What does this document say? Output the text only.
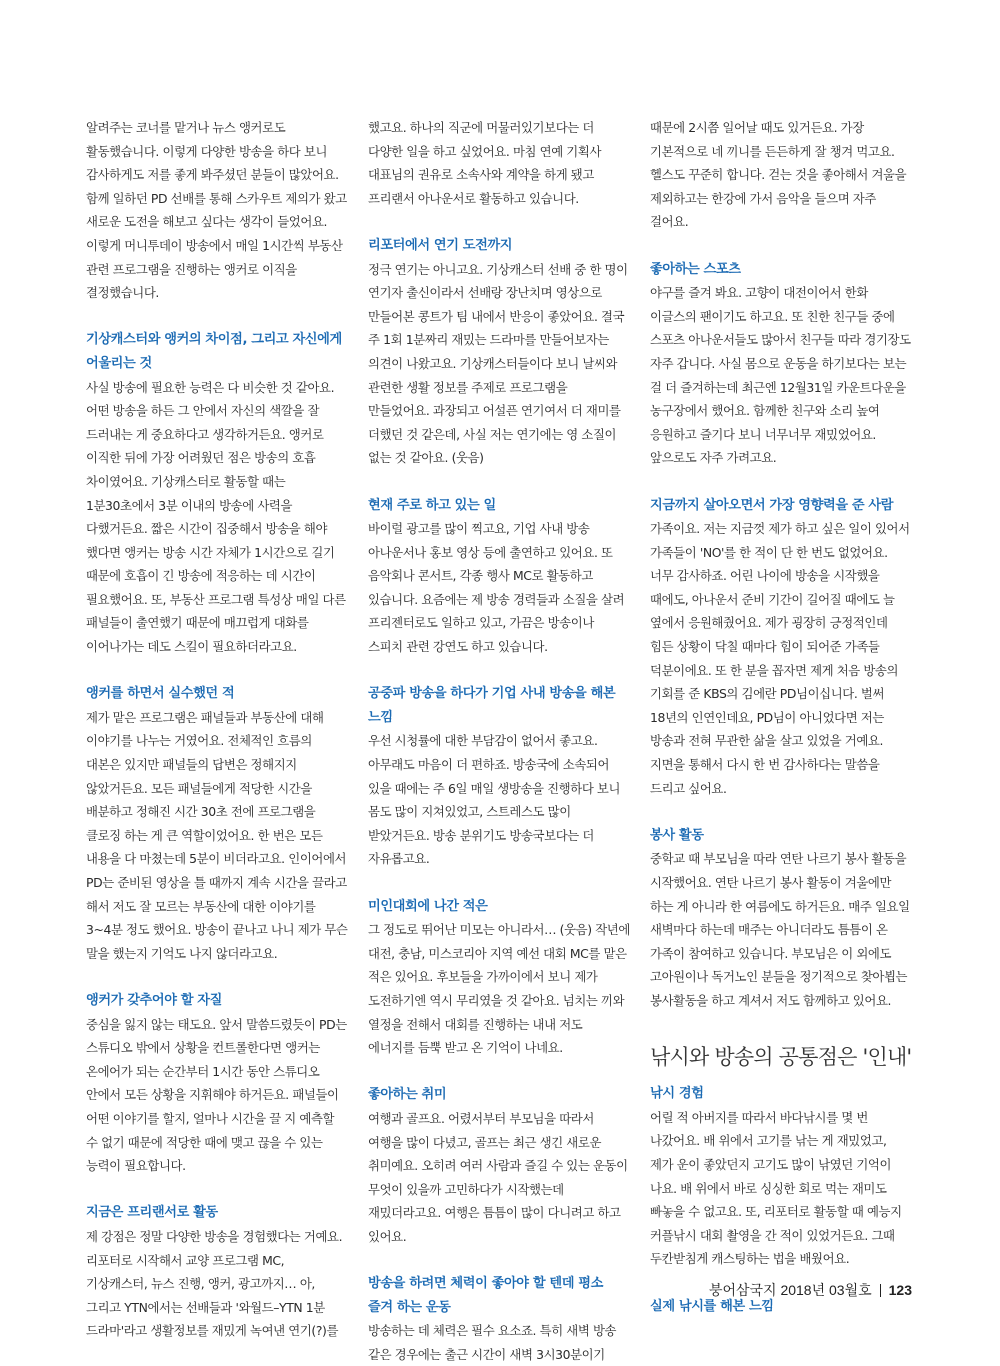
알려주는 코너를 맡거나 뉴스 앵커로도 활동했습니다. 이렇게 다양한 방송을 하다 보니 감사하게도 저를 좋게 봐주셨던 분들이 많았어요. 함께 일하던 PD 선배를 통해 스카우트 제의가 왔고 새로운 도전을 해보고 싶다는 생각이 들었어요. 이렇게 머니투데이 방송에서 매일 1시간씩 부동산 관련 프로그램을 진행하는 앵커로 이직을 결정했습니다.

기상캐스터와 앵커의 차이점, 그리고 자신에게 어울리는 것

사실 방송에 필요한 능력은 다 비슷한 것 같아요. 어떤 방송을 하든 그 안에서 자신의 색깔을 잘 드러내는 게 중요하다고 생각하거든요. 앵커로 이직한 뒤에 가장 어려웠던 점은 방송의 호흡 차이였어요. 기상캐스터로 활동할 때는 1분30초에서 3분 이내의 방송에 사력을 다했거든요. 짧은 시간이 집중해서 방송을 해야 했다면 앵커는 방송 시간 자체가 1시간으로 길기 때문에 호흡이 긴 방송에 적응하는 데 시간이 필요했어요. 또, 부동산 프로그램 특성상 매일 다른 패널들이 출연했기 때문에 매끄럽게 대화를 이어나가는 데도 스킬이 필요하더라고요.

앵커를 하면서 실수했던 적

제가 맡은 프로그램은 패널들과 부동산에 대해 이야기를 나누는 거였어요. 전체적인 흐름의 대본은 있지만 패널들의 답변은 정해지지 않았거든요. 모든 패널들에게 적당한 시간을 배분하고 정해진 시간 30초 전에 프로그램을 클로징 하는 게 큰 역할이었어요. 한 번은 모든 내용을 다 마쳤는데 5분이 비더라고요. 인이어에서 PD는 준비된 영상을 틀 때까지 계속 시간을 끌라고 해서 저도 잘 모르는 부동산에 대한 이야기를 3~4분 정도 했어요. 방송이 끝나고 나니 제가 무슨 말을 했는지 기억도 나지 않더라고요.

앵커가 갖추어야 할 자질

중심을 잃지 않는 태도요. 앞서 말씀드렸듯이 PD는 스튜디오 밖에서 상황을 컨트롤한다면 앵커는 온에어가 되는 순간부터 1시간 동안 스튜디오 안에서 모든 상황을 지휘해야 하거든요. 패널들이 어떤 이야기를 할지, 얼마나 시간을 끌 지 예측할 수 없기 때문에 적당한 때에 맺고 끊을 수 있는 능력이 필요합니다.

지금은 프리랜서로 활동

제 강점은 정말 다양한 방송을 경험했다는 거예요. 리포터로 시작해서 교양 프로그램 MC, 기상캐스터, 뉴스 진행, 앵커, 광고까지… 아, 그리고 YTN에서는 선배들과 '와월드–YTN 1분 드라마'라고 생활정보를 재밌게 녹여낸 연기(?)를

했고요. 하나의 직군에 머물러있기보다는 더 다양한 일을 하고 싶었어요. 마침 연예 기획사 대표님의 권유로 소속사와 계약을 하게 됐고 프리랜서 아나운서로 활동하고 있습니다.

리포터에서 연기 도전까지

정극 연기는 아니고요. 기상캐스터 선배 중 한 명이 연기자 출신이라서 선배랑 장난치며 영상으로 만들어본 콩트가 팀 내에서 반응이 좋았어요. 결국 주 1회 1분짜리 재밌는 드라마를 만들어보자는 의견이 나왔고요. 기상캐스터들이다 보니 날씨와 관련한 생활 정보를 주제로 프로그램을 만들었어요. 과장되고 어설픈 연기여서 더 재미를 더했던 것 같은데, 사실 저는 연기에는 영 소질이 없는 것 같아요. (웃음)

현재 주로 하고 있는 일

바이럴 광고를 많이 찍고요, 기업 사내 방송 아나운서나 홍보 영상 등에 출연하고 있어요. 또 음악회나 콘서트, 각종 행사 MC로 활동하고 있습니다. 요즘에는 제 방송 경력들과 소질을 살려 프리젠터로도 일하고 있고, 가끔은 방송이나 스피치 관련 강연도 하고 있습니다.

공중파 방송을 하다가 기업 사내 방송을 해본 느낌

우선 시청률에 대한 부담감이 없어서 좋고요. 아무래도 마음이 더 편하죠. 방송국에 소속되어 있을 때에는 주 6일 매일 생방송을 진행하다 보니 몸도 많이 지쳐있었고, 스트레스도 많이 받았거든요. 방송 분위기도 방송국보다는 더 자유롭고요.

미인대회에 나간 적은

그 정도로 뛰어난 미모는 아니라서… (웃음) 작년에 대전, 충남, 미스코리아 지역 예선 대회 MC를 맡은 적은 있어요. 후보들을 가까이에서 보니 제가 도전하기엔 역시 무리였을 것 같아요. 넘치는 끼와 열정을 전해서 대회를 진행하는 내내 저도 에너지를 듬뿍 받고 온 기억이 나네요.

좋아하는 취미

여행과 골프요. 어렸서부터 부모님을 따라서 여행을 많이 다녔고, 골프는 최근 생긴 새로운 취미예요. 오히려 여러 사람과 즐길 수 있는 운동이 무엇이 있을까 고민하다가 시작했는데 재밌더라고요. 여행은 틈틈이 많이 다니려고 하고 있어요.

방송을 하려면 체력이 좋아야 할 텐데 평소 즐겨 하는 운동

방송하는 데 체력은 필수 요소죠. 특히 새벽 방송 같은 경우에는 출근 시간이 새벽 3시30분이기

때문에 2시쯤 일어날 때도 있거든요. 가장 기본적으로 네 끼니를 든든하게 잘 챙겨 먹고요. 헬스도 꾸준히 합니다. 걷는 것을 좋아해서 겨울을 제외하고는 한강에 가서 음악을 들으며 자주 걸어요.

좋아하는 스포츠

야구를 즐겨 봐요. 고향이 대전이어서 한화 이글스의 팬이기도 하고요. 또 친한 친구들 중에 스포츠 아나운서들도 많아서 친구들 따라 경기장도 자주 갑니다. 사실 몸으로 운동을 하기보다는 보는 걸 더 즐겨하는데 최근엔 12월31일 카운트다운을 농구장에서 했어요. 함께한 친구와 소리 높여 응원하고 즐기다 보니 너무너무 재밌었어요. 앞으로도 자주 가려고요.

지금까지 살아오면서 가장 영향력을 준 사람

가족이요. 저는 지금껏 제가 하고 싶은 일이 있어서 가족들이 'NO'를 한 적이 단 한 번도 없었어요. 너무 감사하죠. 어린 나이에 방송을 시작했을 때에도, 아나운서 준비 기간이 길어질 때에도 늘 옆에서 응원해줬어요. 제가 굉장히 긍정적인데 힘든 상황이 닥칠 때마다 힘이 되어준 가족들 덕분이에요. 또 한 분을 꼽자면 제게 처음 방송의 기회를 준 KBS의 김에란 PD님이십니다. 벌써 18년의 인연인데요, PD님이 아니었다면 저는 방송과 전혀 무관한 삶을 살고 있었을 거예요. 지면을 통해서 다시 한 번 감사하다는 말씀을 드리고 싶어요.

봉사 활동

중학교 때 부모님을 따라 연탄 나르기 봉사 활동을 시작했어요. 연탄 나르기 봉사 활동이 겨울에만 하는 게 아니라 한 여름에도 하거든요. 매주 일요일 새벽마다 하는데 매주는 아니더라도 틈틈이 온 가족이 참여하고 있습니다. 부모님은 이 외에도 고아원이나 독거노인 분들을 정기적으로 찾아뵙는 봉사활동을 하고 계셔서 저도 함께하고 있어요.

낚시와 방송의 공통점은 '인내'
낚시 경험

어릴 적 아버지를 따라서 바다낚시를 몇 번 나갔어요. 배 위에서 고기를 낚는 게 재밌었고, 제가 운이 좋았던지 고기도 많이 낚였던 기억이 나요. 배 위에서 바로 싱싱한 회로 먹는 재미도 빠놓을 수 없고요. 또, 리포터로 활동할 때 예능지 커플낚시 대회 촬영을 간 적이 있었거든요. 그때 두칸받침게 캐스팅하는 법을 배웠어요.

실제 낚시를 해본 느낌
붕어삼국지 2018년 03월호 123
